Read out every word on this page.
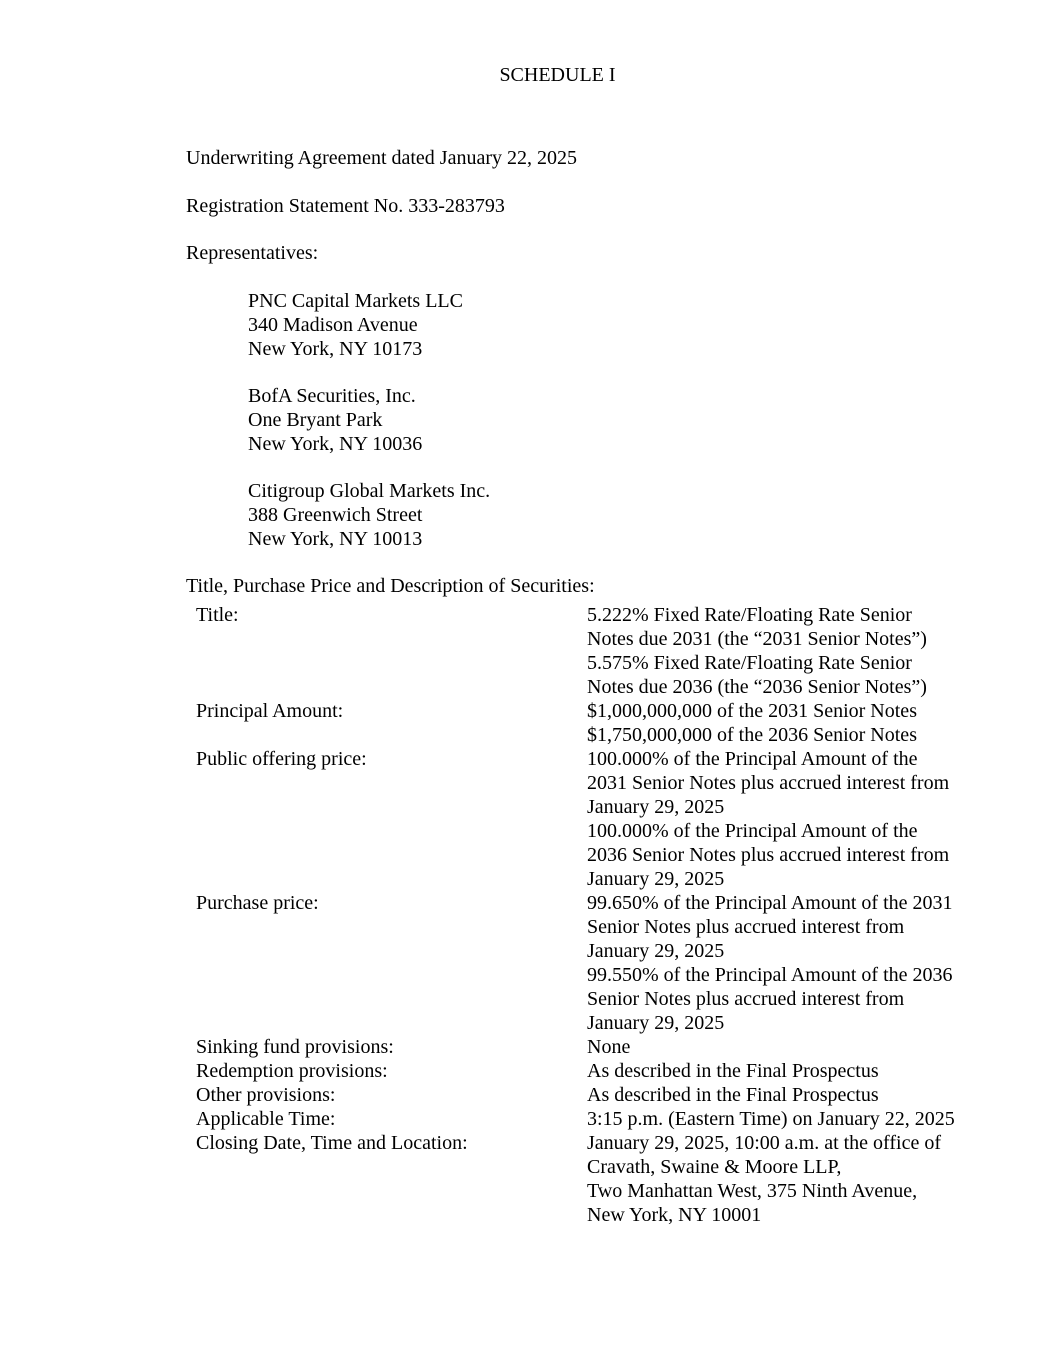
SCHEDULE I
Underwriting Agreement dated January 22, 2025
Registration Statement No. 333-283793
Representatives:
PNC Capital Markets LLC
340 Madison Avenue
New York, NY 10173
BofA Securities, Inc.
One Bryant Park
New York, NY 10036
Citigroup Global Markets Inc.
388 Greenwich Street
New York, NY 10013
Title, Purchase Price and Description of Securities:
Title:	5.222% Fixed Rate/Floating Rate Senior
Notes due 2031 (the “2031 Senior Notes”)
5.575% Fixed Rate/Floating Rate Senior
Notes due 2036 (the “2036 Senior Notes”)
Principal Amount:	$1,000,000,000 of the 2031 Senior Notes
$1,750,000,000 of the 2036 Senior Notes
Public offering price:	100.000% of the Principal Amount of the
2031 Senior Notes plus accrued interest from
January 29, 2025
100.000% of the Principal Amount of the
2036 Senior Notes plus accrued interest from
January 29, 2025
Purchase price:	99.650% of the Principal Amount of the 2031
Senior Notes plus accrued interest from
January 29, 2025
99.550% of the Principal Amount of the 2036
Senior Notes plus accrued interest from
January 29, 2025
Sinking fund provisions:	None
Redemption provisions:	As described in the Final Prospectus
Other provisions:	As described in the Final Prospectus
Applicable Time:	3:15 p.m. (Eastern Time) on January 22, 2025
Closing Date, Time and Location:	January 29, 2025, 10:00 a.m. at the office of
Cravath, Swaine & Moore LLP,
Two Manhattan West, 375 Ninth Avenue,
New York, NY 10001
